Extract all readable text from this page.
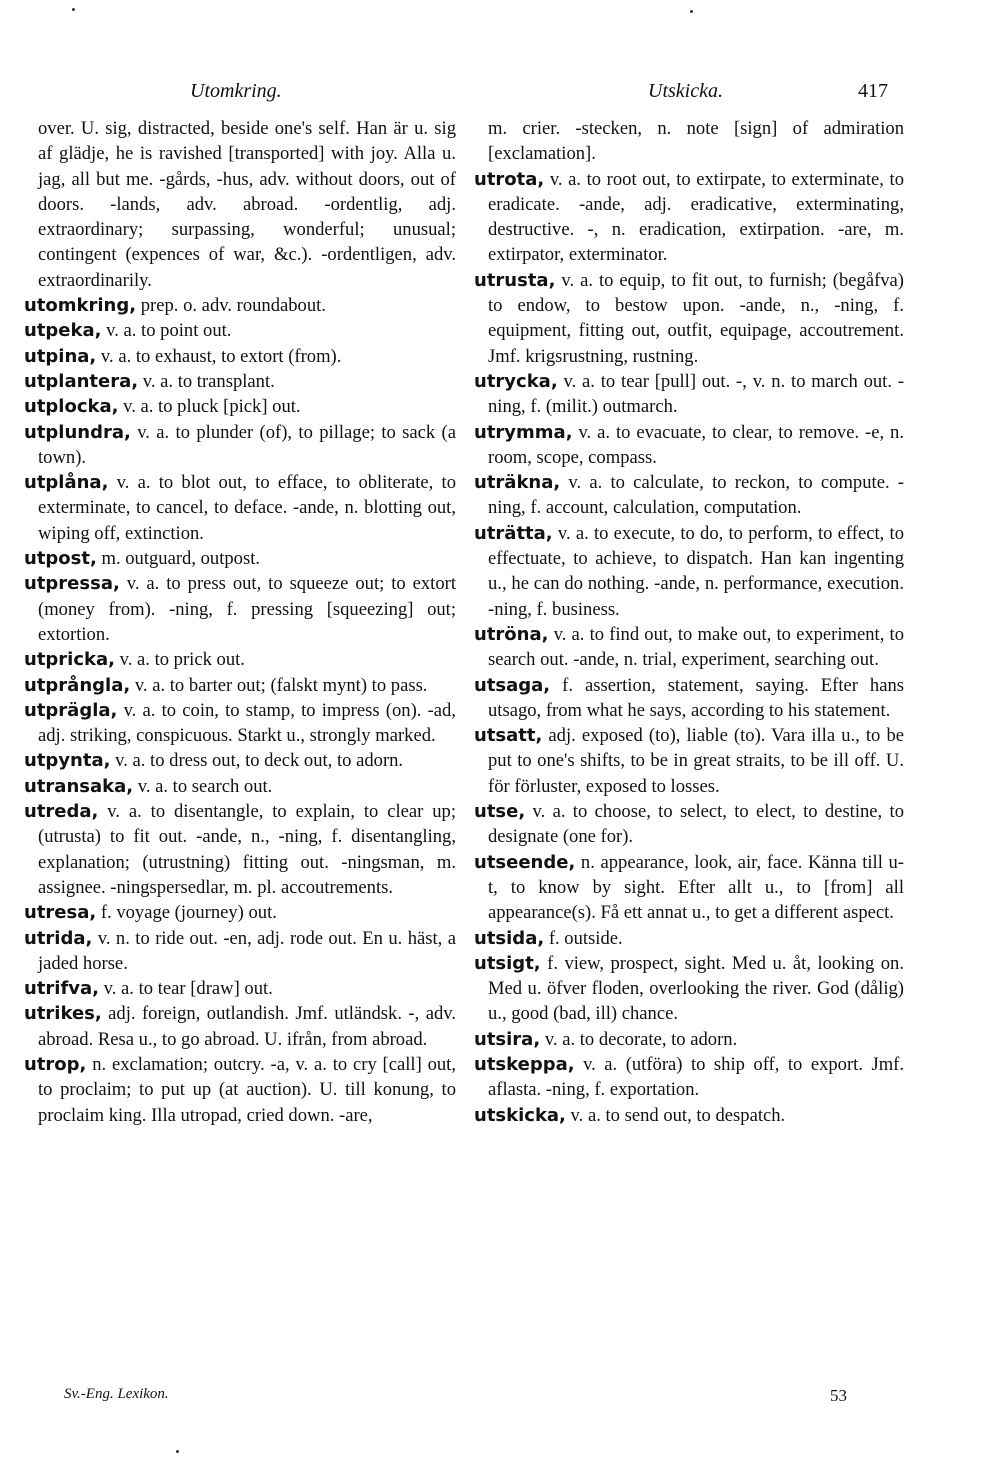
Utomkring.	Utskicka.	417

over. U. sig, distracted, beside one's self. Han är u. sig af glädje, he is ravished [transported] with joy. Alla u. jag, all but me. -gårds, -hus, adv. without doors, out of doors. -lands, adv. abroad. -ordentlig, adj. extraordinary; surpassing, wonderful; unusual; contingent (expences of war, &c.). -ordentligen, adv. extraordinarily.

utomkring, prep. o. adv. roundabout.

utpeka, v. a. to point out.

utpina, v. a. to exhaust, to extort (from).

utplantera, v. a. to transplant.

utplocka, v. a. to pluck [pick] out.

utplundra, v. a. to plunder (of), to pillage; to sack (a town).

utplåna, v. a. to blot out, to efface, to obliterate, to exterminate, to cancel, to deface. -ande, n. blotting out, wiping off, extinction.

utpost, m. outguard, outpost.

utpressa, v. a. to press out, to squeeze out; to extort (money from). -ning, f. pressing [squeezing] out; extortion.

utpricka, v. a. to prick out.

utprångla, v. a. to barter out; (falskt mynt) to pass.

utprägla, v. a. to coin, to stamp, to impress (on). -ad, adj. striking, conspicuous. Starkt u., strongly marked.

utpynta, v. a. to dress out, to deck out, to adorn.

utransaka, v. a. to search out.

utreda, v. a. to disentangle, to explain, to clear up; (utrusta) to fit out. -ande, n., -ning, f. disentangling, explanation; (utrustning) fitting out. -ningsman, m. assignee. -ningspersedlar, m. pl. accoutrements.

utresa, f. voyage (journey) out.

utrida, v. n. to ride out. -en, adj. rode out. En u. häst, a jaded horse.

utrifva, v. a. to tear [draw] out.

utrikes, adj. foreign, outlandish. Jmf. utländsk. -, adv. abroad. Resa u., to go abroad. U. ifrån, from abroad.

utrop, n. exclamation; outcry. -a, v. a. to cry [call] out, to proclaim; to put up (at auction). U. till konung, to proclaim king. Illa utropad, cried down. -are,

m. crier. -stecken, n. note [sign] of admiration [exclamation].

utrota, v. a. to root out, to extirpate, to exterminate, to eradicate. -ande, adj. eradicative, exterminating, destructive. -, n. eradication, extirpation. -are, m. extirpator, exterminator.

utrusta, v. a. to equip, to fit out, to furnish; (begåfva) to endow, to bestow upon. -ande, n., -ning, f. equipment, fitting out, outfit, equipage, accoutrement. Jmf. krigsrustning, rustning.

utrycka, v. a. to tear [pull] out. -, v. n. to march out. -ning, f. (milit.) outmarch.

utrymma, v. a. to evacuate, to clear, to remove. -e, n. room, scope, compass.

uträkna, v. a. to calculate, to reckon, to compute. -ning, f. account, calculation, computation.

uträtta, v. a. to execute, to do, to perform, to effect, to effectuate, to achieve, to dispatch. Han kan ingenting u., he can do nothing. -ande, n. performance, execution. -ning, f. business.

utröna, v. a. to find out, to make out, to experiment, to search out. -ande, n. trial, experiment, searching out.

utsaga, f. assertion, statement, saying. Efter hans utsago, from what he says, according to his statement.

utsatt, adj. exposed (to), liable (to). Vara illa u., to be put to one's shifts, to be in great straits, to be ill off. U. för förluster, exposed to losses.

utse, v. a. to choose, to select, to elect, to destine, to designate (one for).

utseende, n. appearance, look, air, face. Känna till u-t, to know by sight. Efter allt u., to [from] all appearance(s). Få ett annat u., to get a different aspect.

utsida, f. outside.

utsigt, f. view, prospect, sight. Med u. åt, looking on. Med u. öfver floden, overlooking the river. God (dålig) u., good (bad, ill) chance.

utsira, v. a. to decorate, to adorn.

utskeppa, v. a. (utföra) to ship off, to export. Jmf. aflasta. -ning, f. exportation.

utskicka, v. a. to send out, to despatch.

Sv.-Eng. Lexikon.	53
